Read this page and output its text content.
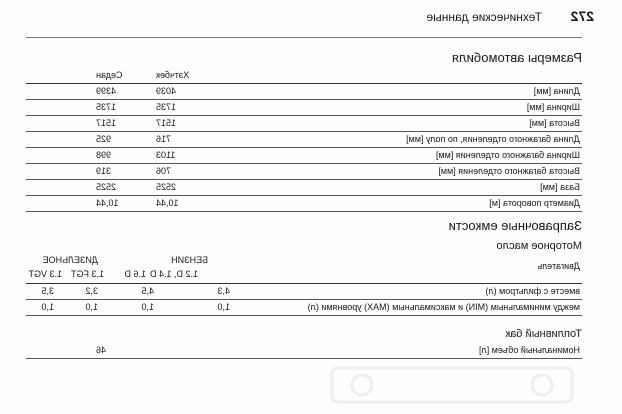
272
Технические данные
Размеры автомобиля
Хэтчбек
Седан
Длина [мм]
4039
4399
Ширина [мм]
1735
1735
Высота [мм]
1517
1517
Длина багажного отделения, по полу [мм]
716
925
Ширина багажного отделения [мм]
1103
998
Высота багажного отделения [мм]
706
319
База [мм]
2525
2525
Диаметр поворота [м]
10,44
10,44
Заправочные емкости
Моторное масло
Двигатель
БЕНЗИН
ДИЗЕЛЬНОЕ
1.2 D, 1.4 D
1.6 D
1.3 FGT
1.3 VGT
вместе с фильтром (л)
4,3
4,5
3,2
3,5
между минимальным (MIN) и максимальным (MAX) уровнями (л)
1,0
1,0
1,0
1,0
Топливный бак
Номинальный объем [л]
46
